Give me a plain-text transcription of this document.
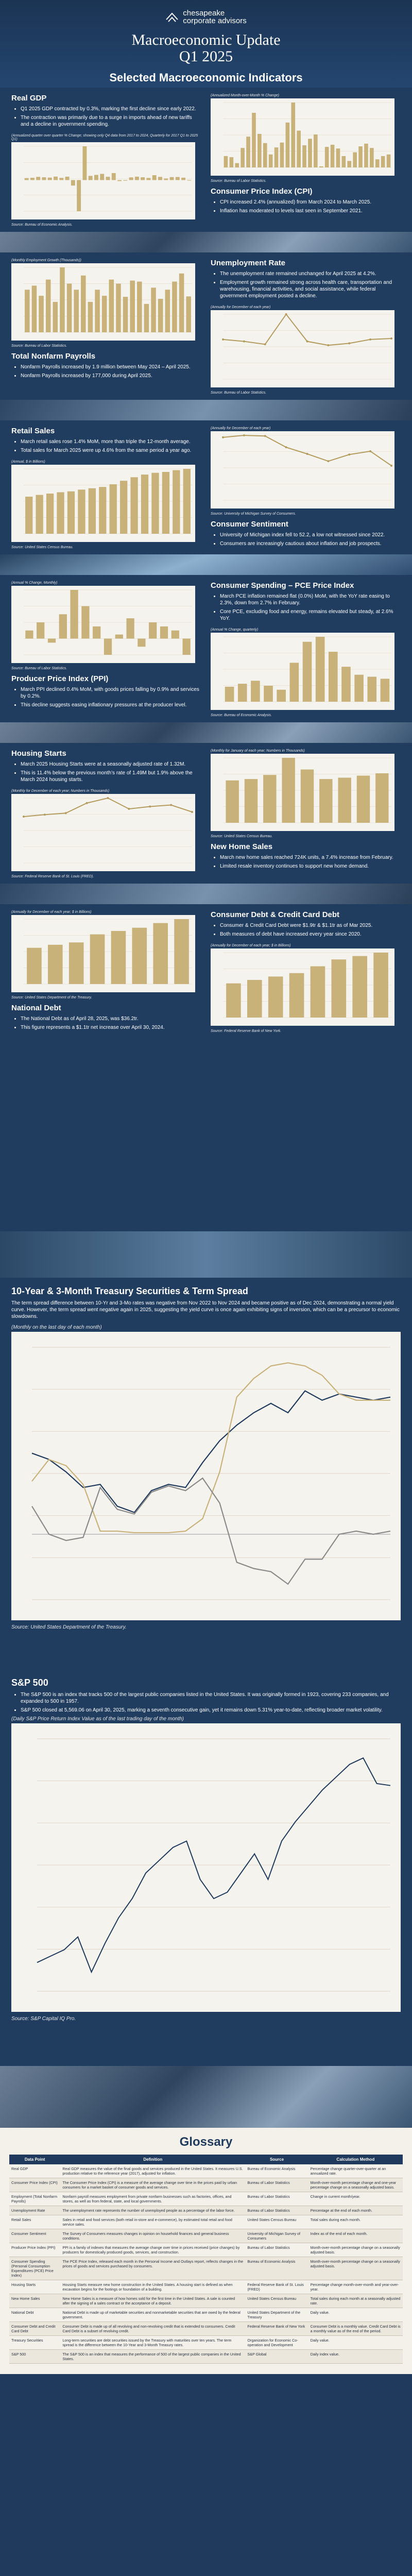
chesapeake
corporate advisors
Macroeconomic Update
Q1 2025
Selected Macroeconomic Indicators
Real GDP
• Q1 2025 GDP contracted by 0.3%, marking the first decline since early 2022.
• The contraction was primarily due to a surge in imports ahead of new tariffs and a decline in government spending.
(Annualized quarter over quarter % Change; showing only Q4 data from 2017 to 2024, Quarterly for 2017 Q1 to 2025 Q1)
Source: Bureau of Economic Analysis.
(Annualized Month-over-Month % Change)
Source: Bureau of Labor Statistics.
Consumer Price Index (CPI)
• CPI increased 2.4% (annualized) from March 2024 to March 2025.
• Inflation has moderated to levels last seen in September 2021.
(Monthly Employment Growth (Thousands))
Source: Bureau of Labor Statistics.
Total Nonfarm Payrolls
• Nonfarm Payrolls increased by 1.9 million between May 2024 – April 2025.
• Nonfarm Payrolls increased by 177,000 during April 2025.
Unemployment Rate
• The unemployment rate remained unchanged for April 2025 at 4.2%.
• Employment growth remained strong across health care, transportation and warehousing, financial activities, and social assistance, while federal government employment posted a decline.
(Annually for December of each year)
Source: Bureau of Labor Statistics.
Retail Sales
• March retail sales rose 1.4% MoM, more than triple the 12-month average.
• Total sales for March 2025 were up 4.6% from the same period a year ago.
(Annual, $ in Billions)
Source: United States Census Bureau.
(Annually for December of each year)
Source: University of Michigan Survey of Consumers.
Consumer Sentiment
• University of Michigan index fell to 52.2, a low not witnessed since 2022.
• Consumers are increasingly cautious about inflation and job prospects.
(Annual % Change, Monthly)
Source: Bureau of Labor Statistics.
Producer Price Index (PPI)
• March PPI declined 0.4% MoM, with goods prices falling by 0.9% and services by 0.2%.
• This decline suggests easing inflationary pressures at the producer level.
Consumer Spending – PCE Price Index
• March PCE inflation remained flat (0.0%) MoM, with the YoY rate easing to 2.3%, down from 2.7% in February.
• Core PCE, excluding food and energy, remains elevated but steady, at 2.6% YoY.
(Annual % Change, quarterly)
Source: Bureau of Economic Analysis.
Housing Starts
• March 2025 Housing Starts were at a seasonally adjusted rate of 1.32M.
• This is 11.4% below the previous month’s rate of 1.49M but 1.9% above the March 2024 housing starts.
(Monthly for December of each year; Numbers in Thousands)
Source: Federal Reserve Bank of St. Louis (FRED).
(Monthly for January of each year; Numbers in Thousands)
Source: United States Census Bureau.
New Home Sales
• March new home sales reached 724K units, a 7.4% increase from February.
• Limited resale inventory continues to support new home demand.
(Annually for December of each year; $ in Billions)
Source: United States Department of the Treasury.
National Debt
• The National Debt as of April 28, 2025, was $36.2tr.
• This figure represents a $1.1tr net increase over April 30, 2024.
Consumer Debt & Credit Card Debt
• Consumer & Credit Card Debt were $1.9tr & $1.1tr as of Mar 2025.
• Both measures of debt have increased every year since 2020.
(Annually for December of each year; $ in Billions)
Source: Federal Reserve Bank of New York.
10-Year & 3-Month Treasury Securities & Term Spread
The term spread difference between 10-Yr and 3-Mo rates was negative from Nov 2022 to Nov 2024 and became positive as of Dec 2024, demonstrating a normal yield curve. However, the term spread went negative again in 2025, suggesting the yield curve is once again exhibiting signs of inversion, which can be a precursor to economic slowdowns.
(Monthly on the last day of each month)
Source: United States Department of the Treasury.
S&P 500
• The S&P 500 is an index that tracks 500 of the largest public companies listed in the United States. It was originally formed in 1923, covering 233 companies, and expanded to 500 in 1957.
• S&P 500 closed at 5,569.06 on April 30, 2025, marking a seventh consecutive gain, yet it remains down 5.31% year-to-date, reflecting broader market volatility.
(Daily S&P Price Return Index Value as of the last trading day of the month)
Source: S&P Capital IQ Pro.
Glossary
Data Point	Definition	Source	Calculation Method
Real GDP	Real GDP measures the value of the final goods and services produced in the United States. It measures U.S. production relative to the reference year (2017), adjusted for inflation.	Bureau of Economic Analysis	Percentage change quarter-over-quarter at an annualized rate.
Consumer Price Index (CPI)	The Consumer Price Index (CPI) is a measure of the average change over time in the prices paid by urban consumers for a market basket of consumer goods and services.	Bureau of Labor Statistics	Month-over-month percentage change and one-year percentage change on a seasonally adjusted basis.
Employment (Total Nonfarm Payrolls)	Nonfarm payroll measures employment from private nonfarm businesses such as factories, offices, and stores, as well as from federal, state, and local governments.	Bureau of Labor Statistics	Change in current month/year.
Unemployment Rate	The unemployment rate represents the number of unemployed people as a percentage of the labor force.	Bureau of Labor Statistics	Percentage at the end of each month.
Retail Sales	Sales in retail and food services (both retail in-store and e-commerce), by estimated total retail and food service sales.	United States Census Bureau	Total sales during each month.
Consumer Sentiment	The Survey of Consumers measures changes in opinion on household finances and general business conditions.	University of Michigan Survey of Consumers	Index as of the end of each month.
Producer Price Index (PPI)	PPI is a family of indexes that measures the average change over time in prices received (price changes) by producers for domestically produced goods, services, and construction.	Bureau of Labor Statistics	Month-over-month percentage change on a seasonally adjusted basis.
Consumer Spending (Personal Consumption Expenditures (PCE) Price Index)	The PCE Price Index, released each month in the Personal Income and Outlays report, reflects changes in the prices of goods and services purchased by consumers.	Bureau of Economic Analysis	Month-over-month percentage change on a seasonally adjusted basis.
Housing Starts	Housing Starts measure new home construction in the United States. A housing start is defined as when excavation begins for the footings or foundation of a building.	Federal Reserve Bank of St. Louis (FRED)	Percentage change month-over-month and year-over-year.
New Home Sales	New Home Sales is a measure of how homes sold for the first time in the United States. A sale is counted after the signing of a sales contract or the acceptance of a deposit.	United States Census Bureau	Total sales during each month at a seasonally adjusted rate.
National Debt	National Debt is made up of marketable securities and nonmarketable securities that are owed by the federal government.	United States Department of the Treasury	Daily value.
Consumer Debt and Credit Card Debt	Consumer Debt is made up of all revolving and non-revolving credit that is extended to consumers. Credit Card Debt is a subset of revolving credit.	Federal Reserve Bank of New York	Consumer Debt is a monthly value. Credit Card Debt is a monthly value as of the end of the period.
Treasury Securities	Long-term securities are debt securities issued by the Treasury with maturities over ten years. The term spread is the difference between the 10-Year and 3-Month Treasury rates.	Organization for Economic Co-operation and Development	Daily value.
S&P 500	The S&P 500 is an index that measures the performance of 500 of the largest public companies in the United States.	S&P Global	Daily index value.
